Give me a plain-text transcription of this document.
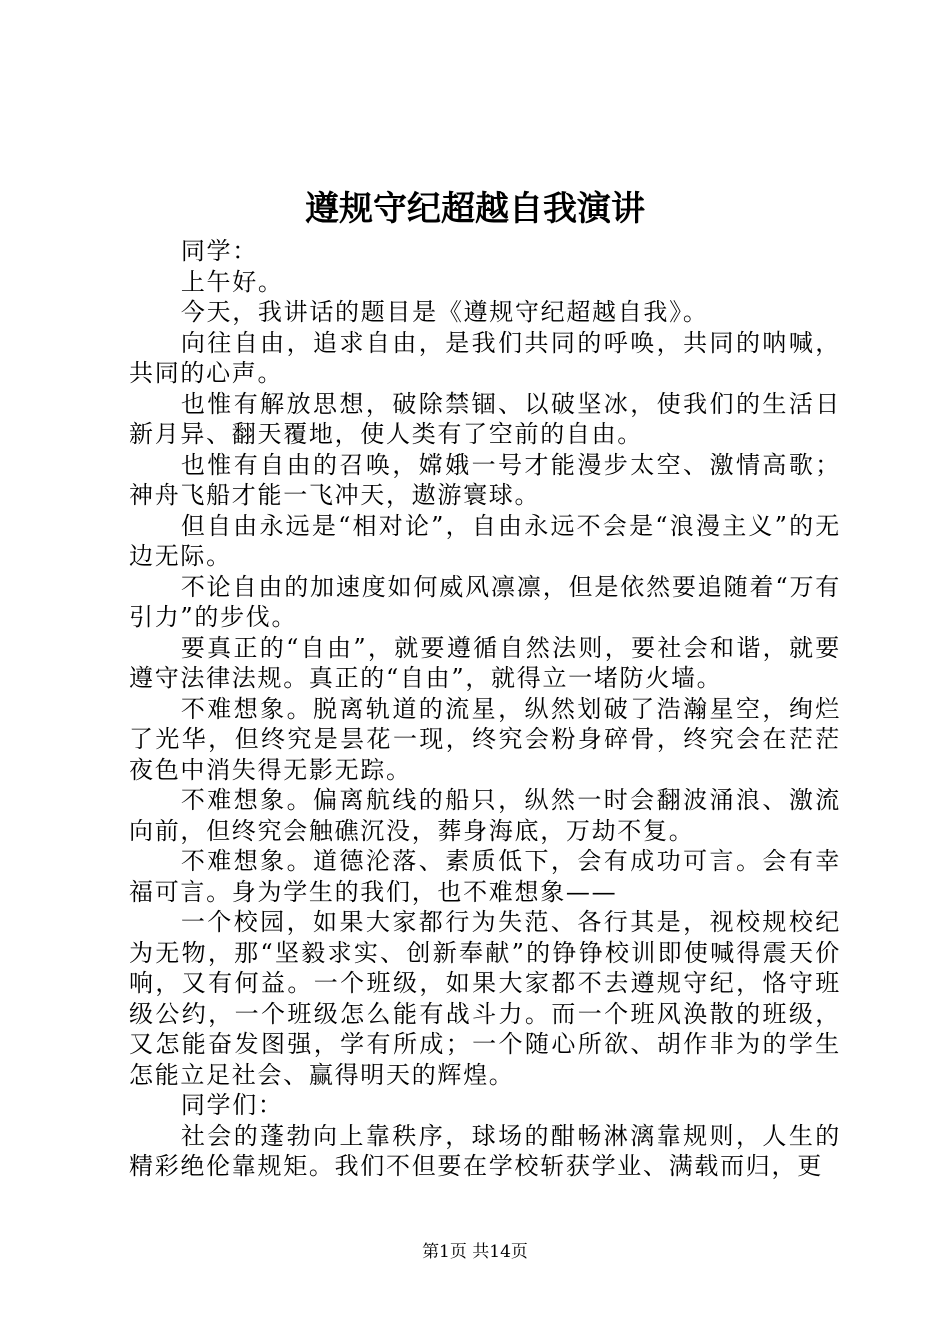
遵规守纪超越自我演讲

同学：

上午好。

今天，我讲话的题目是《遵规守纪超越自我》。

向往自由，追求自由，是我们共同的呼唤，共同的呐喊，共同的心声。

也惟有解放思想，破除禁锢、以破坚冰，使我们的生活日新月异、翻天覆地，使人类有了空前的自由。

也惟有自由的召唤，嫦娥一号才能漫步太空、激情高歌；神舟飞船才能一飞冲天，遨游寰球。

但自由永远是“相对论”，自由永远不会是“浪漫主义”的无边无际。

不论自由的加速度如何威风凛凛，但是依然要追随着“万有引力”的步伐。

要真正的“自由”，就要遵循自然法则，要社会和谐，就要遵守法律法规。真正的“自由”，就得立一堵防火墙。

不难想象。脱离轨道的流星，纵然划破了浩瀚星空，绚烂了光华，但终究是昙花一现，终究会粉身碎骨，终究会在茫茫夜色中消失得无影无踪。

不难想象。偏离航线的船只，纵然一时会翻波涌浪、激流向前，但终究会触礁沉没，葬身海底，万劫不复。

不难想象。道德沦落、素质低下，会有成功可言。会有幸福可言。身为学生的我们，也不难想象——

一个校园，如果大家都行为失范、各行其是，视校规校纪为无物，那“坚毅求实、创新奉献”的铮铮校训即使喊得震天价响，又有何益。一个班级，如果大家都不去遵规守纪，恪守班级公约，一个班级怎么能有战斗力。而一个班风涣散的班级，又怎能奋发图强，学有所成；一个随心所欲、胡作非为的学生怎能立足社会、赢得明天的辉煌。

同学们：

社会的蓬勃向上靠秩序，球场的酣畅淋漓靠规则，人生的精彩绝伦靠规矩。我们不但要在学校斩获学业、满载而归，更

第1页 共14页
